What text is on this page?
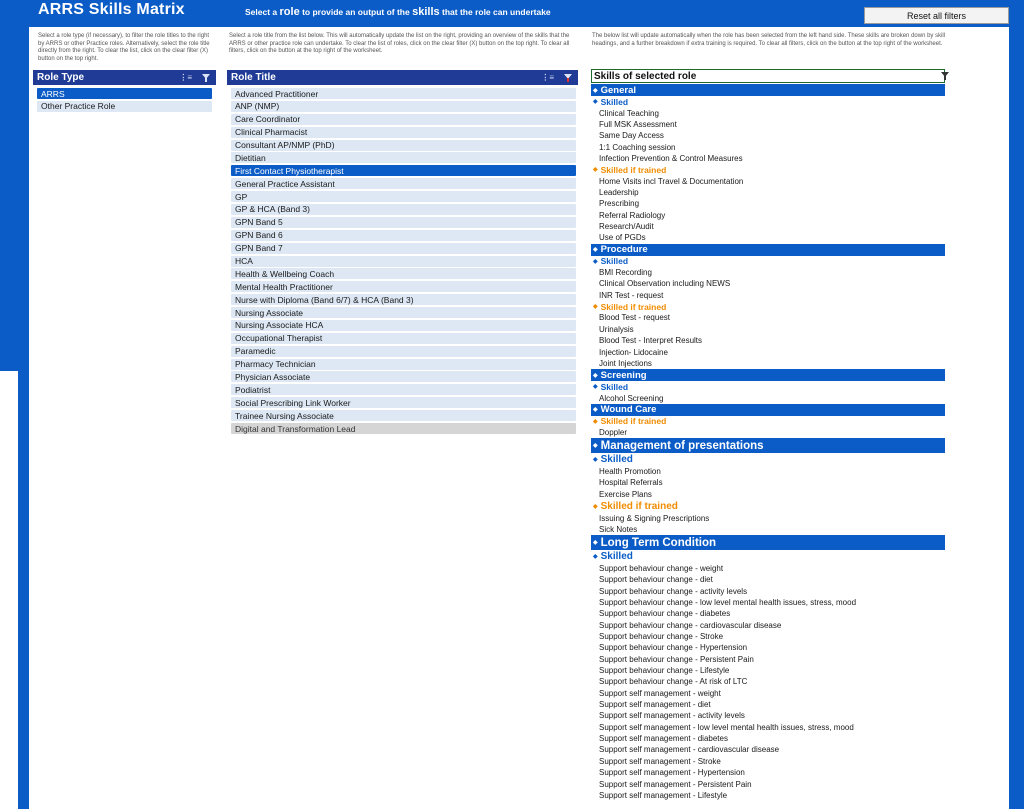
ARRS Skills Matrix	Select a role to provide an output of the skills that the role can undertake	Reset all filters
Select a role type (if necessary), to filter the role titles to the right by ARRS or other Practice roles. Alternatively, select the role title directly from the right. To clear the list, click on the clear filter (X) button on the top right.
Select a role title from the list below. This will automatically update the list on the right, providing an overview of the skills that the ARRS or other practice role can undertake. To clear the list of roles, click on the clear filter (X) button on the top right. To clear all filters, click on the button at the top right of the worksheet.
The below list will update automatically when the role has been selected from the left hand side. These skills are broken down by skill headings, and a further breakdown if extra training is required. To clear all filters, click on the button at the top right of the worksheet.
Role Type	⋮≡
ARRS
Other Practice Role
Role Title	⋮≡
Advanced Practitioner
ANP (NMP)
Care Coordinator
Clinical Pharmacist
Consultant AP/NMP (PhD)
Dietitian
First Contact Physiotherapist
General Practice Assistant
GP
GP & HCA (Band 3)
GPN Band 5
GPN Band 6
GPN Band 7
HCA
Health & Wellbeing Coach
Mental Health Practitioner
Nurse with Diploma (Band 6/7) & HCA (Band 3)
Nursing Associate
Nursing Associate HCA
Occupational Therapist
Paramedic
Pharmacy Technician
Physician Associate
Podiatrist
Social Prescribing Link Worker
Trainee Nursing Associate
Digital and Transformation Lead
Skills of selected role
◆ General
◆ Skilled
Clinical Teaching
Full MSK Assessment
Same Day Access
1:1 Coaching session
Infection Prevention & Control Measures
◆ Skilled if trained
Home Visits incl Travel & Documentation
Leadership
Prescribing
Referral Radiology
Research/Audit
Use of PGDs
◆ Procedure
◆ Skilled
BMI Recording
Clinical Observation including NEWS
INR Test - request
◆ Skilled if trained
Blood Test - request
Urinalysis
Blood Test - Interpret Results
Injection- Lidocaine
Joint Injections
◆ Screening
◆ Skilled
Alcohol Screening
◆ Wound Care
◆ Skilled if trained
Doppler
◆ Management of presentations
◆ Skilled
Health Promotion
Hospital Referrals
Exercise Plans
◆ Skilled if trained
Issuing & Signing Prescriptions
Sick Notes
◆ Long Term Condition
◆ Skilled
Support behaviour change - weight
Support behaviour change - diet
Support behaviour change - activity levels
Support behaviour change - low level mental health issues, stress, mood
Support behaviour change - diabetes
Support behaviour change - cardiovascular disease
Support behaviour change - Stroke
Support behaviour change - Hypertension
Support behaviour change - Persistent Pain
Support behaviour change - Lifestyle
Support behaviour change - At risk of LTC
Support self management - weight
Support self management - diet
Support self management - activity levels
Support self management - low level mental health issues, stress, mood
Support self management - diabetes
Support self management - cardiovascular disease
Support self management - Stroke
Support self management - Hypertension
Support self management - Persistent Pain
Support self management - Lifestyle
